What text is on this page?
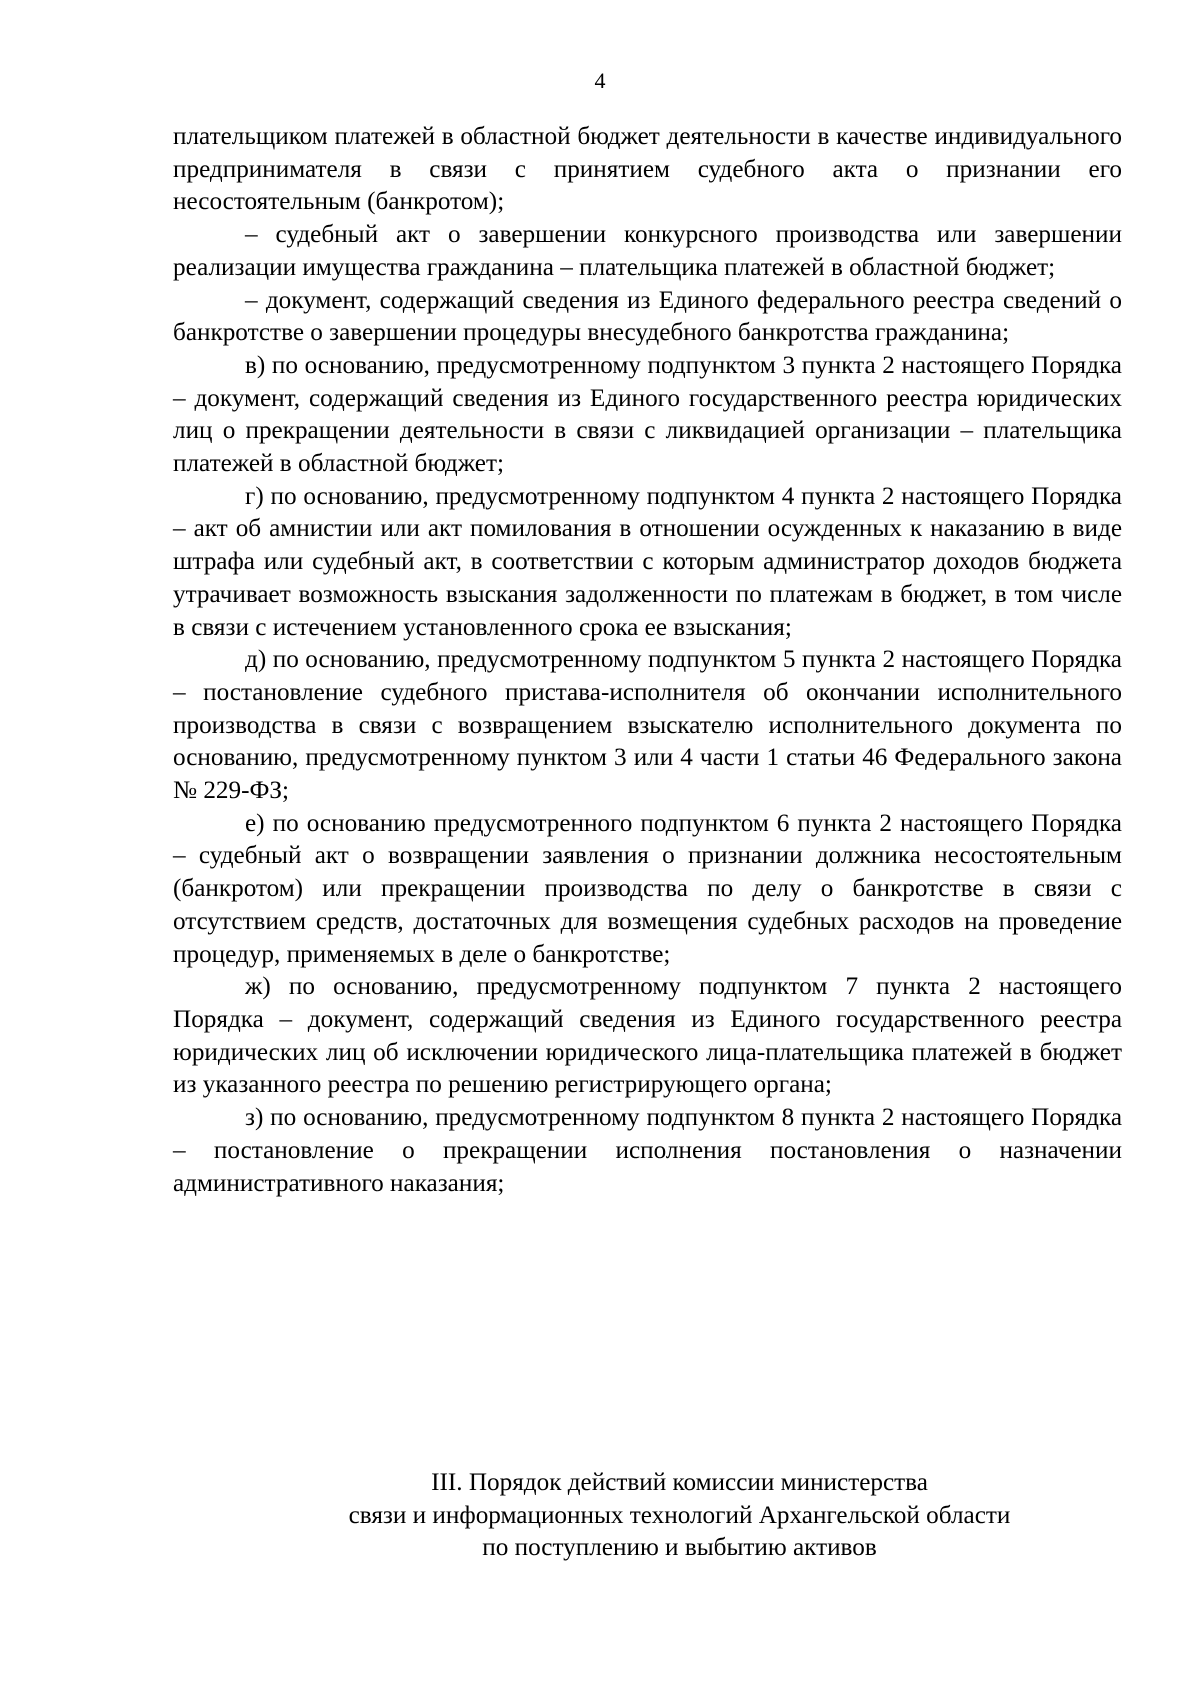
4

плательщиком платежей в областной бюджет деятельности в качестве индивидуального предпринимателя в связи с принятием судебного акта о признании его несостоятельным (банкротом);

– судебный акт о завершении конкурсного производства или завершении реализации имущества гражданина – плательщика платежей в областной бюджет;

– документ, содержащий сведения из Единого федерального реестра сведений о банкротстве о завершении процедуры внесудебного банкротства гражданина;

в) по основанию, предусмотренному подпунктом 3 пункта 2 настоящего Порядка – документ, содержащий сведения из Единого государственного реестра юридических лиц о прекращении деятельности в связи с ликвидацией организации – плательщика платежей в областной бюджет;

г) по основанию, предусмотренному подпунктом 4 пункта 2 настоящего Порядка – акт об амнистии или акт помилования в отношении осужденных к наказанию в виде штрафа или судебный акт, в соответствии с которым администратор доходов бюджета утрачивает возможность взыскания задолженности по платежам в бюджет, в том числе в связи с истечением установленного срока ее взыскания;

д) по основанию, предусмотренному подпунктом 5 пункта 2 настоящего Порядка – постановление судебного пристава-исполнителя об окончании исполнительного производства в связи с возвращением взыскателю исполнительного документа по основанию, предусмотренному пунктом 3 или 4 части 1 статьи 46 Федерального закона № 229-ФЗ;

е) по основанию предусмотренного подпунктом 6 пункта 2 настоящего Порядка – судебный акт о возвращении заявления о признании должника несостоятельным (банкротом) или прекращении производства по делу о банкротстве в связи с отсутствием средств, достаточных для возмещения судебных расходов на проведение процедур, применяемых в деле о банкротстве;

ж) по основанию, предусмотренному подпунктом 7 пункта 2 настоящего Порядка – документ, содержащий сведения из Единого государственного реестра юридических лиц об исключении юридического лица-плательщика платежей в бюджет из указанного реестра по решению регистрирующего органа;

з) по основанию, предусмотренному подпунктом 8 пункта 2 настоящего Порядка – постановление о прекращении исполнения постановления о назначении административного наказания;

III. Порядок действий комиссии министерства
связи и информационных технологий Архангельской области
по поступлению и выбытию активов
